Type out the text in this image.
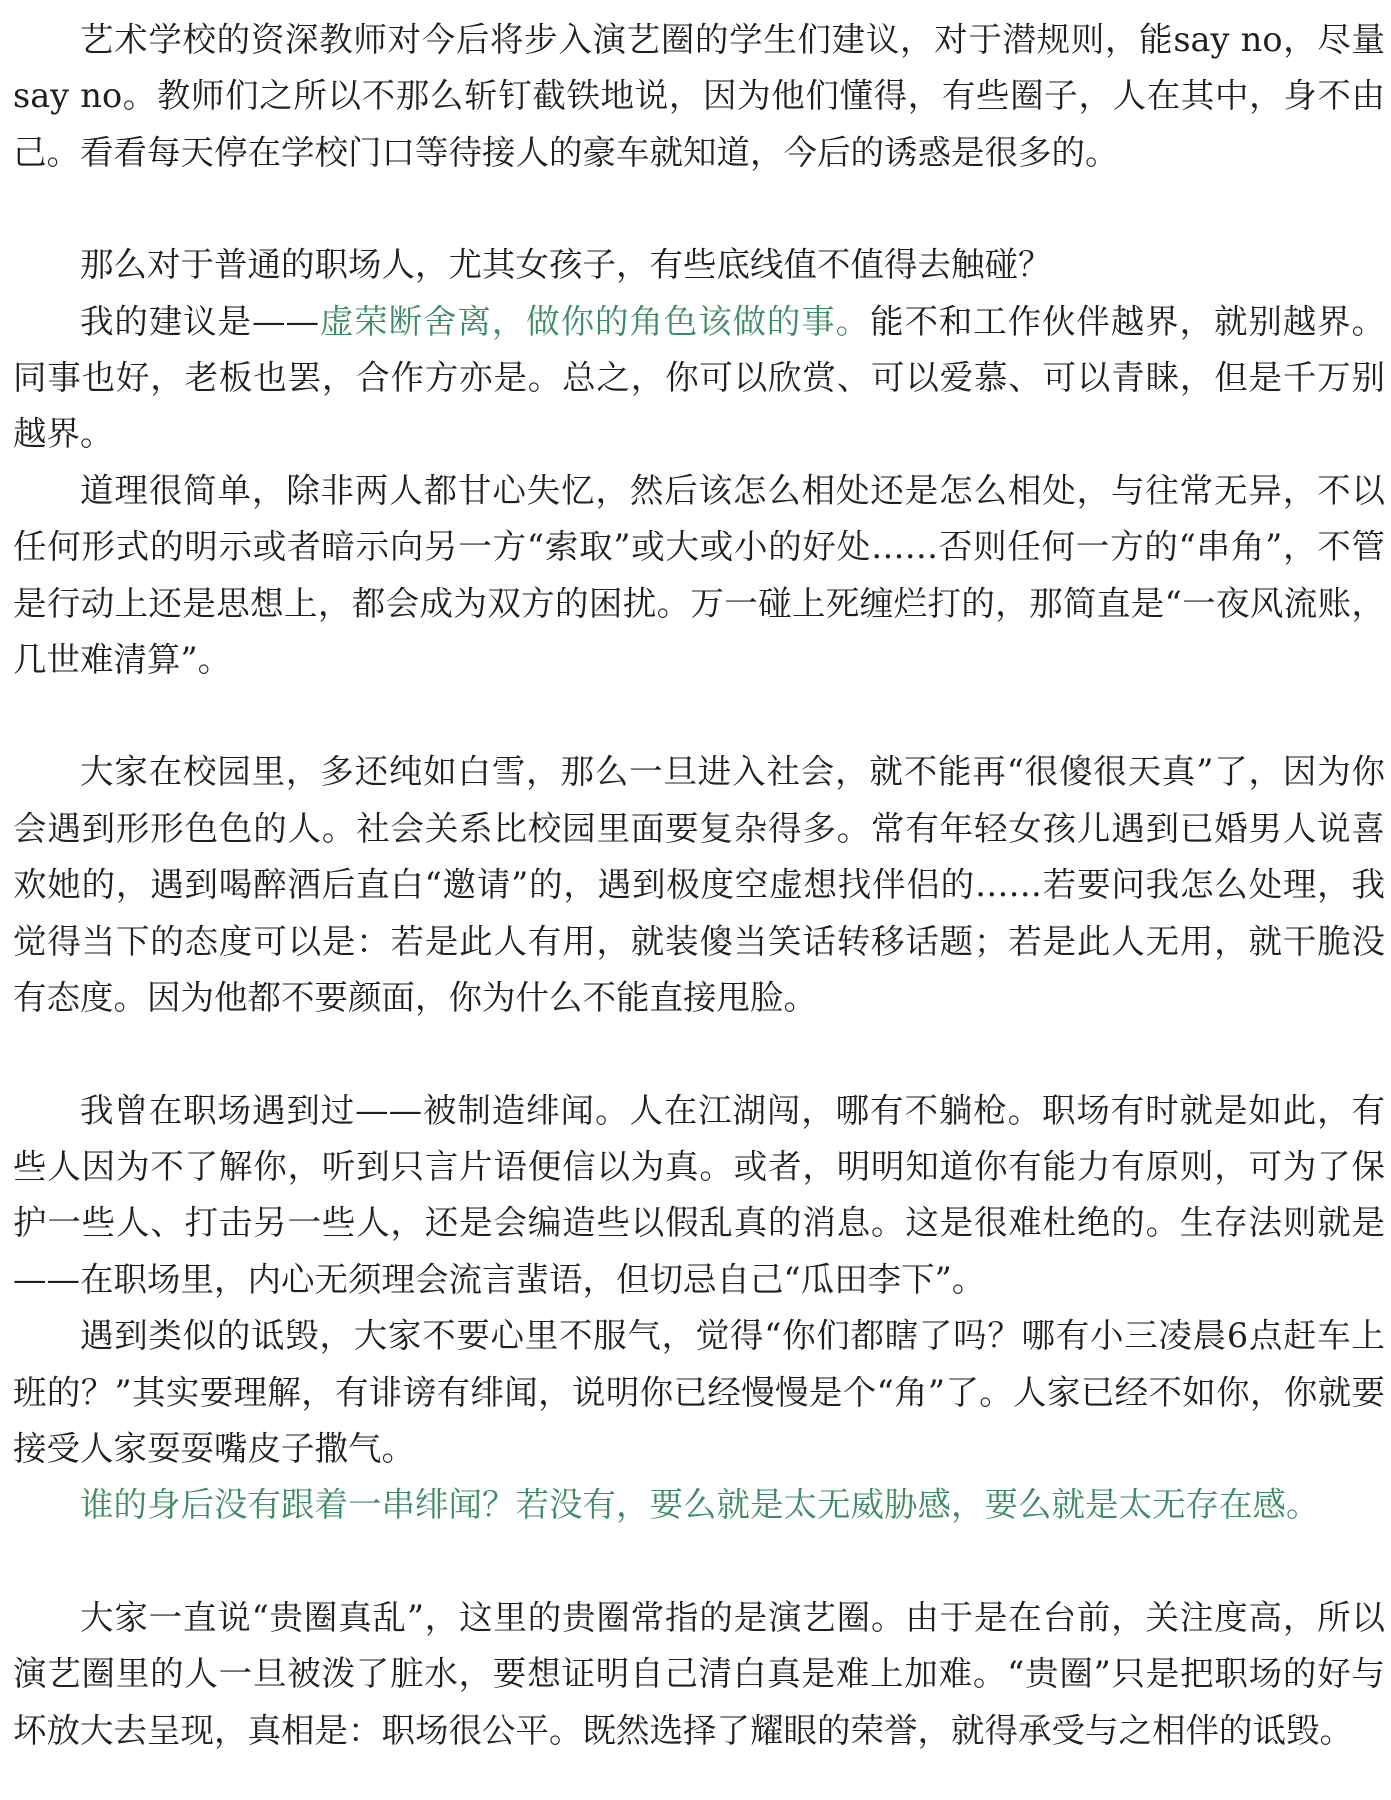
艺术学校的资深教师对今后将步入演艺圈的学生们建议，对于潜规则，能say no，尽量say no。教师们之所以不那么斩钉截铁地说，因为他们懂得，有些圈子，人在其中，身不由己。看看每天停在学校门口等待接人的豪车就知道，今后的诱惑是很多的。

那么对于普通的职场人，尤其女孩子，有些底线值不值得去触碰？

我的建议是——虚荣断舍离，做你的角色该做的事。能不和工作伙伴越界，就别越界。同事也好，老板也罢，合作方亦是。总之，你可以欣赏、可以爱慕、可以青睐，但是千万别越界。

道理很简单，除非两人都甘心失忆，然后该怎么相处还是怎么相处，与往常无异，不以任何形式的明示或者暗示向另一方“索取”或大或小的好处……否则任何一方的“串角”，不管是行动上还是思想上，都会成为双方的困扰。万一碰上死缠烂打的，那简直是“一夜风流账，几世难清算”。

大家在校园里，多还纯如白雪，那么一旦进入社会，就不能再“很傻很天真”了，因为你会遇到形形色色的人。社会关系比校园里面要复杂得多。常有年轻女孩儿遇到已婚男人说喜欢她的，遇到喝醉酒后直白“邀请”的，遇到极度空虚想找伴侣的……若要问我怎么处理，我觉得当下的态度可以是：若是此人有用，就装傻当笑话转移话题；若是此人无用，就干脆没有态度。因为他都不要颜面，你为什么不能直接甩脸。

我曾在职场遇到过——被制造绯闻。人在江湖闯，哪有不躺枪。职场有时就是如此，有些人因为不了解你，听到只言片语便信以为真。或者，明明知道你有能力有原则，可为了保护一些人、打击另一些人，还是会编造些以假乱真的消息。这是很难杜绝的。生存法则就是——在职场里，内心无须理会流言蜚语，但切忌自己“瓜田李下”。

遇到类似的诋毁，大家不要心里不服气，觉得“你们都瞎了吗？哪有小三凌晨6点赶车上班的？”其实要理解，有诽谤有绯闻，说明你已经慢慢是个“角”了。人家已经不如你，你就要接受人家耍耍嘴皮子撒气。

谁的身后没有跟着一串绯闻？若没有，要么就是太无威胁感，要么就是太无存在感。

大家一直说“贵圈真乱”，这里的贵圈常指的是演艺圈。由于是在台前，关注度高，所以演艺圈里的人一旦被泼了脏水，要想证明自己清白真是难上加难。“贵圈”只是把职场的好与坏放大去呈现，真相是：职场很公平。既然选择了耀眼的荣誉，就得承受与之相伴的诋毁。
